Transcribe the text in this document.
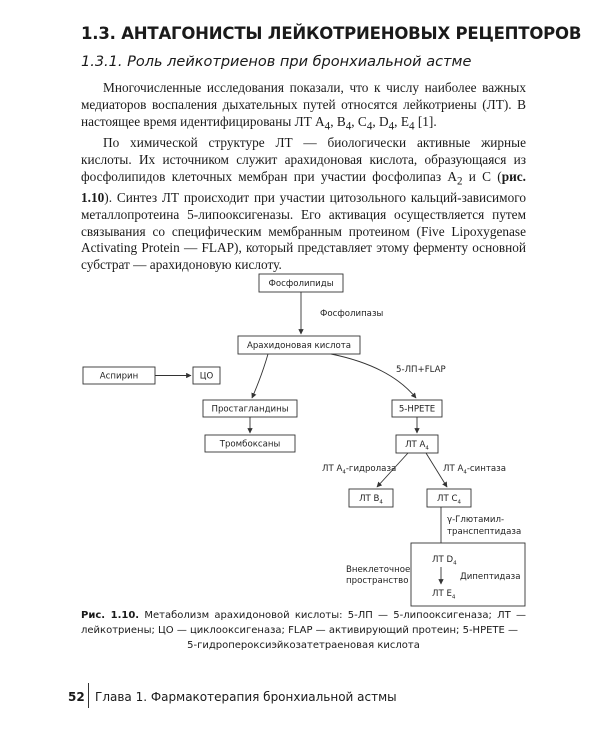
1.3. АНТАГОНИСТЫ ЛЕЙКОТРИЕНОВЫХ РЕЦЕПТОРОВ
1.3.1. Роль лейкотриенов при бронхиальной астме

Многочисленные исследования показали, что к числу наиболее важных медиаторов воспаления дыхательных путей относятся лейкотриены (ЛТ). В настоящее время идентифицированы ЛТ $A_4$, $B_4$, $C_4$, $D_4$, $E_4$ [1].

По химической структуре ЛТ — биологически активные жирные кислоты. Их источником служит арахидоновая кислота, образующаяся из фосфолипидов клеточных мембран при участии фосфолипаз $A_2$ и C (рис. 1.10). Синтез ЛТ происходит при участии цитозольного кальций-зависимого металлопротеина 5-липооксигеназы. Его активация осуществляется путем связывания со специфическим мембранным протеином (Five Lipoxygenase Activating Protein — FLAP), который представляет этому ферменту основной субстрат — арахидоновую кислоту.

Фосфолипиды
Фосфолипазы
Арахидоновая кислота
Аспирин	ЦО
5-ЛП+FLAP
Простагландины
Тромбоксаны
5-HPETE
ЛТ $A_4$
ЛТ $A_4$-гидролаза	ЛТ $A_4$-синтаза
ЛТ $B_4$	ЛТ $C_4$
γ-Глютамил-
транспептидаза
Внеклеточное
пространство
ЛТ $D_4$
Дипептидаза
ЛТ $E_4$

Рис. 1.10. Метаболизм арахидоновой кислоты: 5-ЛП — 5-липооксигеназа; ЛТ — лейкотриены; ЦО — циклооксигеназа; FLAP — активирующий протеин; 5-HPETE —
5-гидропероксиэйкозатетраеновая кислота

52 Глава 1. Фармакотерапия бронхиальной астмы
